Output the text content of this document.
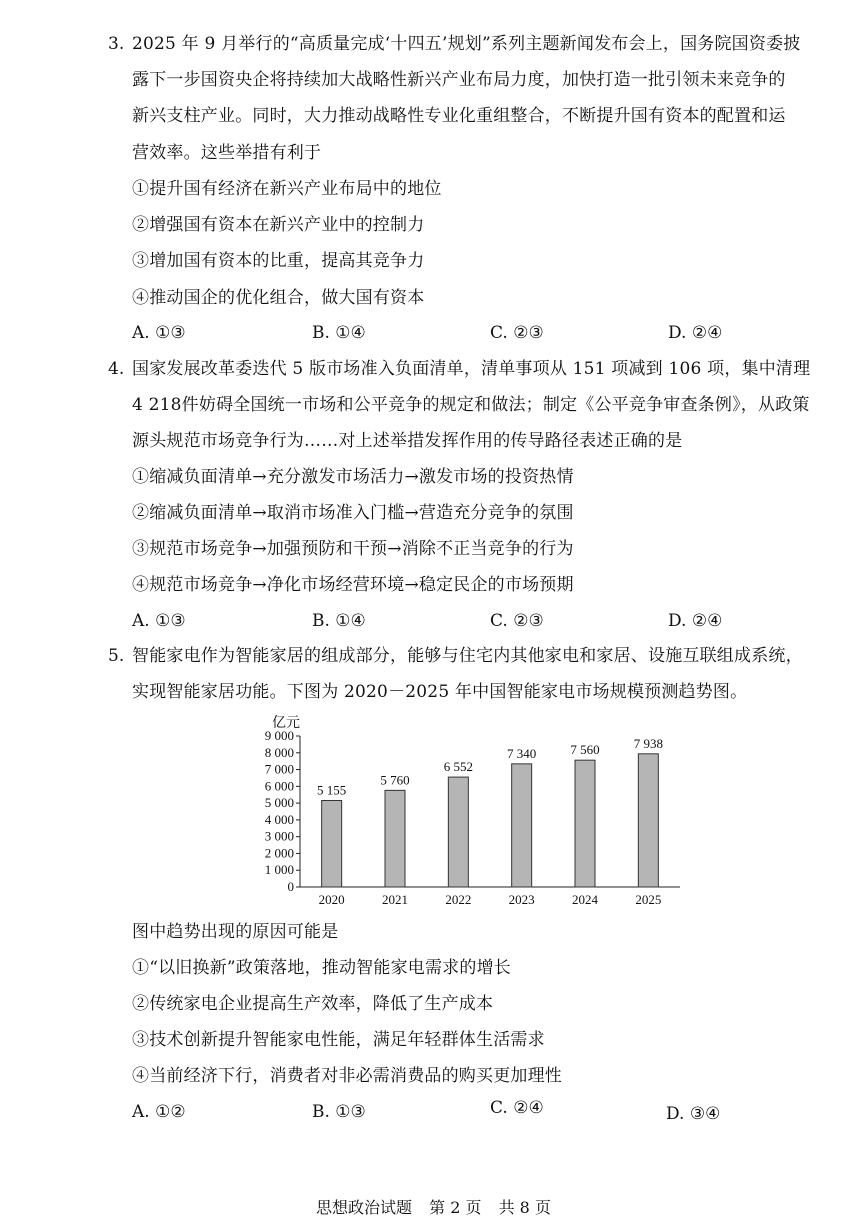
3. 2025 年 9 月举行的“高质量完成‘十四五’规划”系列主题新闻发布会上，国务院国资委披
露下一步国资央企将持续加大战略性新兴产业布局力度，加快打造一批引领未来竞争的
新兴支柱产业。同时，大力推动战略性专业化重组整合，不断提升国有资本的配置和运
营效率。这些举措有利于
①提升国有经济在新兴产业布局中的地位
②增强国有资本在新兴产业中的控制力
③增加国有资本的比重，提高其竞争力
④推动国企的优化组合，做大国有资本
A. ①③	B. ①④	C. ②③	D. ②④
4. 国家发展改革委迭代 5 版市场准入负面清单，清单事项从 151 项减到 106 项，集中清理
4 218件妨碍全国统一市场和公平竞争的规定和做法；制定《公平竞争审查条例》，从政策
源头规范市场竞争行为……对上述举措发挥作用的传导路径表述正确的是
①缩减负面清单→充分激发市场活力→激发市场的投资热情
②缩减负面清单→取消市场准入门槛→营造充分竞争的氛围
③规范市场竞争→加强预防和干预→消除不正当竞争的行为
④规范市场竞争→净化市场经营环境→稳定民企的市场预期
A. ①③	B. ①④	C. ②③	D. ②④
5. 智能家电作为智能家居的组成部分，能够与住宅内其他家电和家居、设施互联组成系统，
实现智能家居功能。下图为 2020－2025 年中国智能家电市场规模预测趋势图。
亿元
0
1 000
2 000
3 000
4 000
5 000
6 000
7 000
8 000
9 000
5 155
5 760
6 552
7 340	7 560	7 938
2020	2021	2022	2023	2024	2025
图中趋势出现的原因可能是
①“以旧换新”政策落地，推动智能家电需求的增长
②传统家电企业提高生产效率，降低了生产成本
③技术创新提升智能家电性能，满足年轻群体生活需求
④当前经济下行，消费者对非必需消费品的购买更加理性
A. ①②	B. ①③	C. ②④	D. ③④
思想政治试题 第 2 页 共 8 页
